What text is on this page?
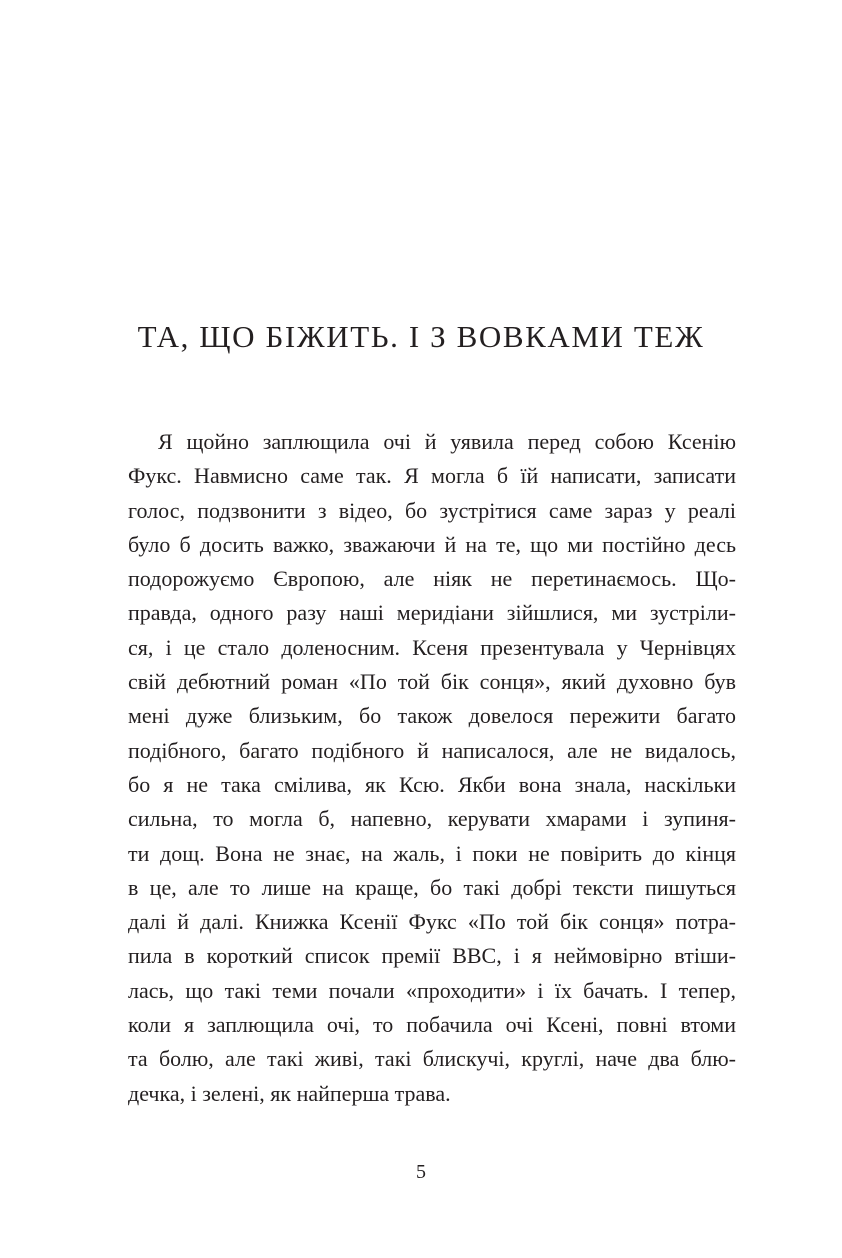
ТА, ЩО БІЖИТЬ. І З ВОВКАМИ ТЕЖ
Я щойно заплющила очі й уявила перед собою Ксенію
Фукс. Навмисно саме так. Я могла б їй написати, записати
голос, подзвонити з відео, бо зустрітися саме зараз у реалі
було б досить важко, зважаючи й на те, що ми постійно десь
подорожуємо Європою, але ніяк не перетинаємось. Що-
правда, одного разу наші меридіани зійшлися, ми зустріли-
ся, і це стало доленосним. Ксеня презентувала у Чернівцях
свій дебютний роман «По той бік сонця», який духовно був
мені дуже близьким, бо також довелося пережити багато
подібного, багато подібного й написалося, але не видалось,
бо я не така смілива, як Ксю. Якби вона знала, наскільки
сильна, то могла б, напевно, керувати хмарами і зупиня-
ти дощ. Вона не знає, на жаль, і поки не повірить до кінця
в це, але то лише на краще, бо такі добрі тексти пишуться
далі й далі. Книжка Ксенії Фукс «По той бік сонця» потра-
пила в короткий список премії BBC, і я неймовірно втіши-
лась, що такі теми почали «проходити» і їх бачать. І тепер,
коли я заплющила очі, то побачила очі Ксені, повні втоми
та болю, але такі живі, такі блискучі, круглі, наче два блю-
дечка, і зелені, як найперша трава.
5
